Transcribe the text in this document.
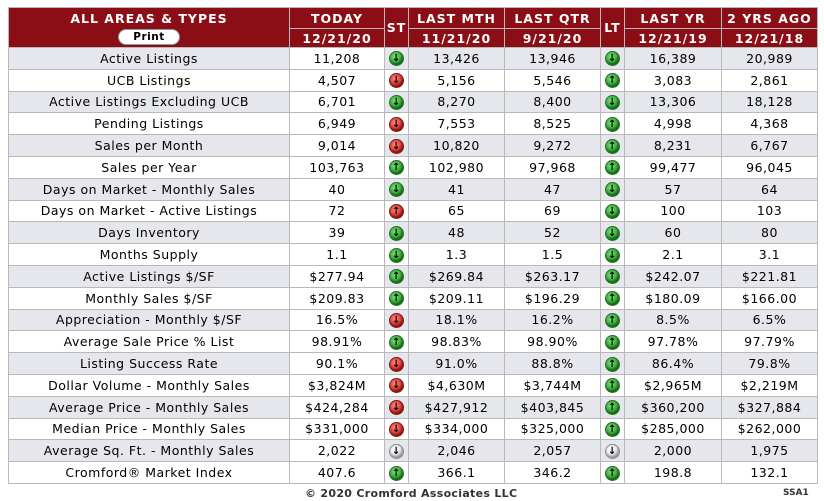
ALL AREAS & TYPES
Print	TODAY	ST	LAST MTH	LAST QTR	LT	LAST YR	2 YRS AGO
	12/21/20		11/21/20	9/21/20		12/21/19	12/21/18
Active Listings	11,208	↓	13,426	13,946	↓	16,389	20,989
UCB Listings	4,507	↓	5,156	5,546	↑	3,083	2,861
Active Listings Excluding UCB	6,701	↓	8,270	8,400	↓	13,306	18,128
Pending Listings	6,949	↓	7,553	8,525	↑	4,998	4,368
Sales per Month	9,014	↓	10,820	9,272	↑	8,231	6,767
Sales per Year	103,763	↑	102,980	97,968	↑	99,477	96,045
Days on Market - Monthly Sales	40	↓	41	47	↓	57	64
Days on Market - Active Listings	72	↑	65	69	↓	100	103
Days Inventory	39	↓	48	52	↓	60	80
Months Supply	1.1	↓	1.3	1.5	↓	2.1	3.1
Active Listings $/SF	$277.94	↑	$269.84	$263.17	↑	$242.07	$221.81
Monthly Sales $/SF	$209.83	↑	$209.11	$196.29	↑	$180.09	$166.00
Appreciation - Monthly $/SF	16.5%	↓	18.1%	16.2%	↑	8.5%	6.5%
Average Sale Price % List	98.91%	↑	98.83%	98.90%	↑	97.78%	97.79%
Listing Success Rate	90.1%	↓	91.0%	88.8%	↑	86.4%	79.8%
Dollar Volume - Monthly Sales	$3,824M	↓	$4,630M	$3,744M	↑	$2,965M	$2,219M
Average Price - Monthly Sales	$424,284	↓	$427,912	$403,845	↑	$360,200	$327,884
Median Price - Monthly Sales	$331,000	↓	$334,000	$325,000	↑	$285,000	$262,000
Average Sq. Ft. - Monthly Sales	2,022	↓	2,046	2,057	↓	2,000	1,975
Cromford® Market Index	407.6	↑	366.1	346.2	↑	198.8	132.1
© 2020 Cromford Associates LLC	SSA1
